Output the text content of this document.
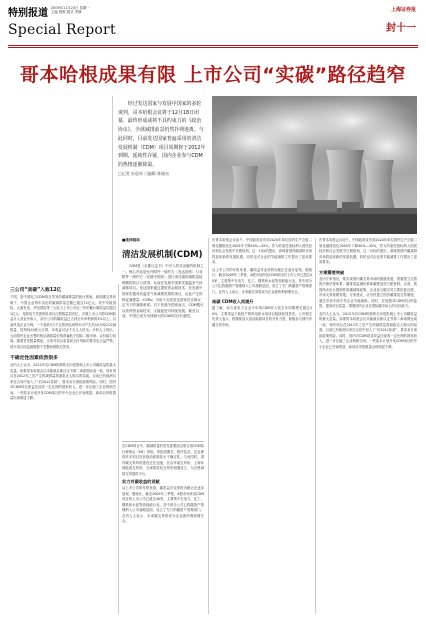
特别报道 2009年11月23日 星期一
主编 程维 版式 李静
Special Report
上海证券报
封十一
哥本哈根成果有限 上市公司“实碳”路径趋窄
　　经过发达国家与发展中国家的多轮谈判，哥本哈根会议将于12月18日闭幕，最终形成或将不具约束力的《政治协议》，全球减排前景仍然扑朔迷离。与此同时，目前发达国家普遍采用的清洁发展机制（CDM）项目周期将于2012年到期，延续性存疑，国内企业参与CDM的热情逐渐降温。
□记者 孙思奇 ○编辑 陈晓东
三公司“卖碳”入账12亿
下图，是中国电力CDM项目签发的碳减排量的统计图表。新的碳交易机制下，中国企业每年卖出的碳减排量总额已超过12亿元。其中华能国际、大唐发电、华电国际等三大电力上市公司近三年的累计碳收益均超过1亿元，龙源电力凭借风电项目注册数量居首位。多数上市公司将CDM收益计入营业外收入，部分公司的碳收益已占到全年净利润的5%以上。以某风电企业为例，一个装机5万千瓦的风电场每年可产生约10万吨CO2减排量，按每吨10欧元计算，年收益可达千万元人民币。分析人士指出，当前国内企业出售的核证减排量价格普遍低于国际二级市场，议价能力较弱。随着签发数量增加，买家对项目质量和交付风险的要求也日益严格，部分项目因监测数据不完整而被推迟签发。
不确定性因素依然很多
业内人士认为，2012年后CDM机制的走向是影响上市公司碳收益的最大变量。如果哥本哈根会议未能就京都议定书第二承诺期达成一致，现有项目在2012年之后产生的减排量将面临无人购买的局面。目前已有欧洲买家在合同中加入了“后2012条款”，要求卖方承担政策风险。同时，国内对CDM项目收益还征收一定比例的国家收入，进一步压缩了企业利润空间。一些原本计划开发CDM项目的中小企业已开始观望，新项目申报数量出现明显下降。
■延伸阅读
清洁发展机制(CDM)
　　CDM是《京都议定书》中引入的灵活履约机制之一。核心内容是允许附件一缔约方（发达国家）与非附件一缔约方（发展中国家）进行项目级的减排量抵销额的转让与获得，从而在发展中国家实施温室气体减排项目。发达国家通过提供资金和技术，在发展中国家实施具有温室气体减排效果的项目，由此产生的核证减排量（CERs）可用于完成发达国家在京都议定书下的减排承诺。对于发展中国家而言，CDM既可以获得资金和技术，又能促进可持续发展。截至目前，中国已成为全球最大的CDM项目东道国。
在CDM项目中，碳减排量的签发需要经过联合国CDM执行理事会（EB）审批，审批周期长、程序复杂，这也使得许多项目在获批前面临较大不确定性。与此同时，国内碳交易所的建设正在加速，北京环境交易所、上海环境能源交易所、天津排放权交易所相继成立，为自愿减排交易提供平台。
实力对碳收益的贡献
从上市公司的年报来看，碳收益对业绩的贡献正在逐步显现。据统计，截至2009年三季度，A股市场涉及CDM项目的上市公司已超过40家，主要集中在电力、化工、钢铁和水泥等高耗能行业。其中部分公司已将碳资产管理纳入公司战略层面，设立了专门的碳资产管理部门。业内人士表示，未来碳交易将成为企业新的利润增长点。
在哥本哈根会议前夕，中国政府宣布到2020年单位国内生产总值二氧化碳排放比2005年下降40%—45%，作为约束性指标纳入国民经济和社会发展中长期规划。这一目标的提出，意味着国内碳减排市场将迎来新的发展机遇，同时也对企业的节能减排工作提出了更高要求。
从上市公司的年报来看，碳收益对业绩的贡献正在逐步显现。据统计，截至2009年三季度，A股市场涉及CDM项目的上市公司已超过40家，主要集中在电力、化工、钢铁和水泥等高耗能行业。其中部分公司已将碳资产管理纳入公司战略层面，设立了专门的碳资产管理部门。业内人士表示，未来碳交易将成为企业新的利润增长点。
南碳 CDM收入再提升
据了解，南方某电力企业今年的CDM收入较去年同期增长超过30%，主要得益于新投产的风电和水电项目陆续获得签发。公司相关负责人表示，将继续加大清洁能源项目的开发力度，积极参与国内外碳交易市场。
在哥本哈根会议前夕，中国政府宣布到2020年单位国内生产总值二氧化碳排放比2005年下降40%—45%，作为约束性指标纳入国民经济和社会发展中长期规划。这一目标的提出，意味着国内碳减排市场将迎来新的发展机遇，同时也对企业的节能减排工作提出了更高要求。
方案需要突破
业内专家指出，要实现国内碳交易市场的健康发展，需要建立完善的法律法规体系、碳排放监测体系和碳排放权分配机制。目前，我国尚未出台强制性的碳减排政策，企业参与碳交易主要依靠自愿，市场交易规模有限。专家建议，应尽快建立国内碳排放交易制度，通过市场手段引导企业节能减排。同时，应加强对CDM项目的监管，提高项目质量，增强国内企业在国际碳市场上的议价能力。
业内人士认为，2012年后CDM机制的走向是影响上市公司碳收益的最大变量。如果哥本哈根会议未能就京都议定书第二承诺期达成一致，现有项目在2012年之后产生的减排量将面临无人购买的局面。目前已有欧洲买家在合同中加入了“后2012条款”，要求卖方承担政策风险。同时，国内对CDM项目收益还征收一定比例的国家收入，进一步压缩了企业利润空间。一些原本计划开发CDM项目的中小企业已开始观望，新项目申报数量出现明显下降。
